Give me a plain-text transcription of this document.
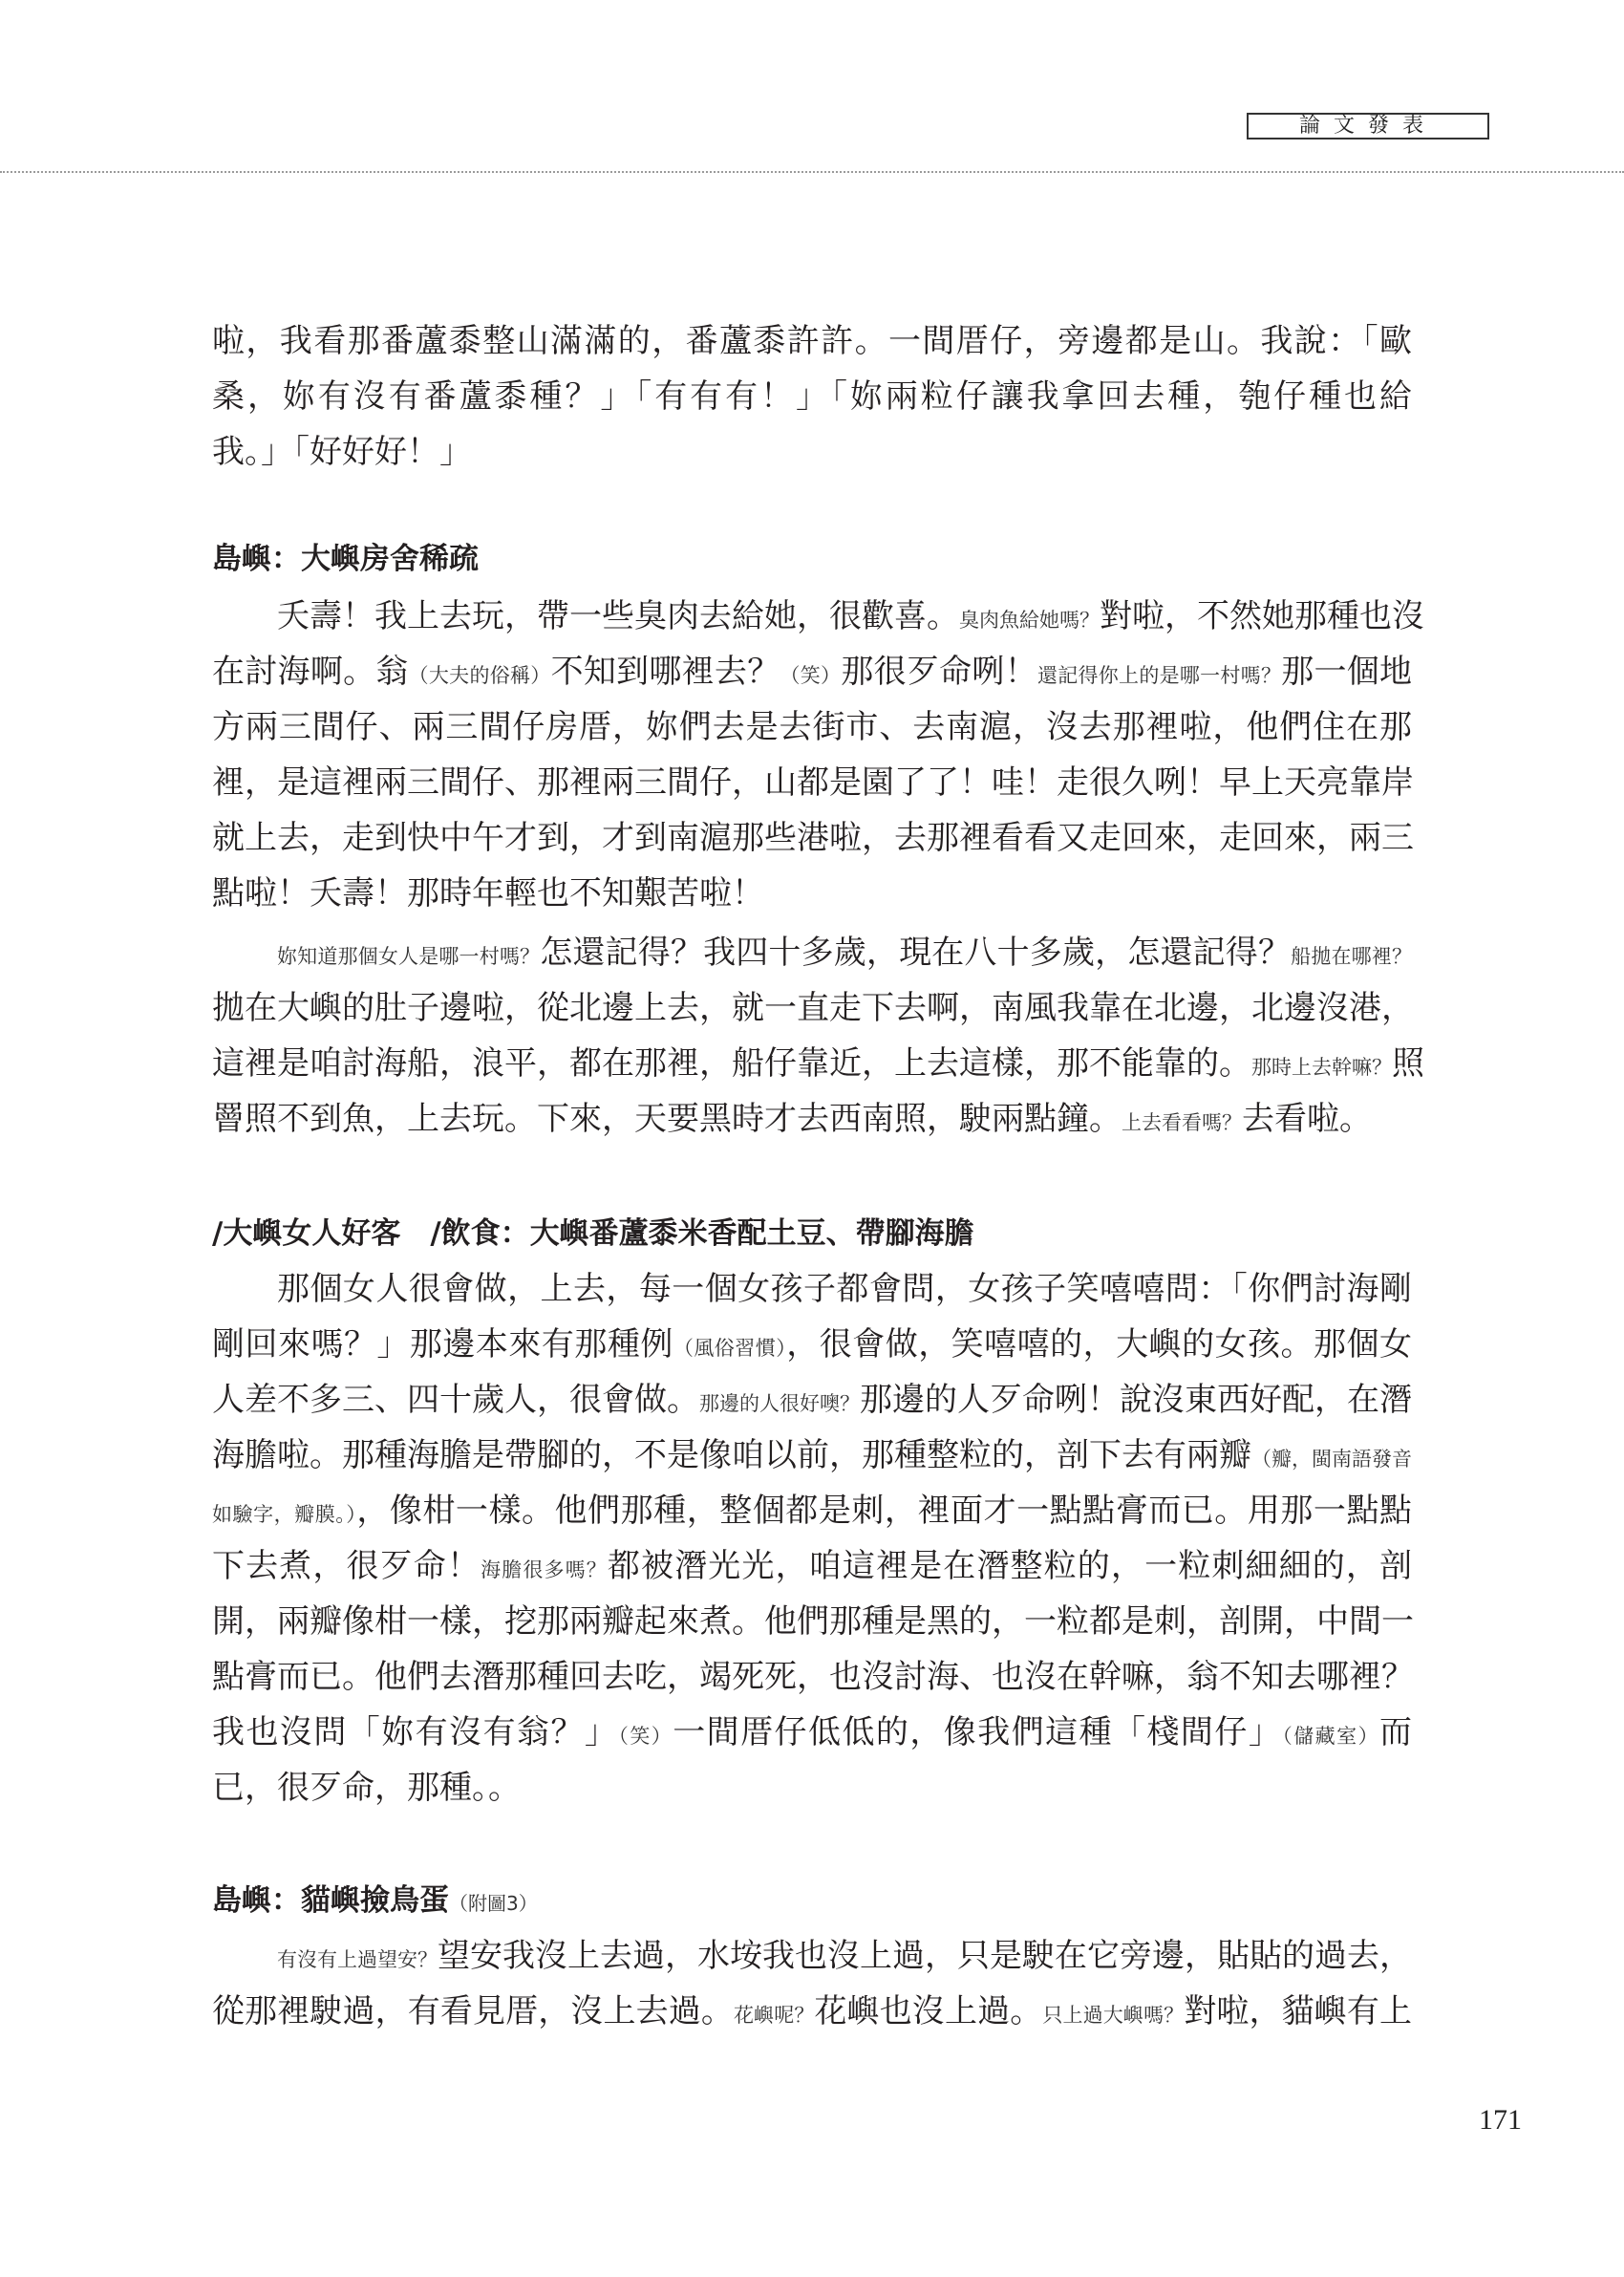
論文發表
啦，我看那番蘆黍整山滿滿的，番蘆黍許許。一間厝仔，旁邊都是山。我說：「歐
桑，妳有沒有番蘆黍種？」「有有有！」「妳兩粒仔讓我拿回去種，匏仔種也給
我。」「好好好！」
島嶼：大嶼房舍稀疏
夭壽！我上去玩，帶一些臭肉去給她，很歡喜。臭肉魚給她嗎？對啦，不然她那種也沒
在討海啊。翁（大夫的俗稱）不知到哪裡去？（笑）那很歹命咧！還記得你上的是哪一村嗎？那一個地
方兩三間仔、兩三間仔房厝，妳們去是去街市、去南滬，沒去那裡啦，他們住在那
裡，是這裡兩三間仔、那裡兩三間仔，山都是園了了！哇！走很久咧！早上天亮靠岸
就上去，走到快中午才到，才到南滬那些港啦，去那裡看看又走回來，走回來，兩三
點啦！夭壽！那時年輕也不知艱苦啦！
妳知道那個女人是哪一村嗎？怎還記得？我四十多歲，現在八十多歲，怎還記得？船拋在哪裡？
拋在大嶼的肚子邊啦，從北邊上去，就一直走下去啊，南風我靠在北邊，北邊沒港，
這裡是咱討海船，浪平，都在那裡，船仔靠近，上去這樣，那不能靠的。那時上去幹嘛？照
罾照不到魚，上去玩。下來，天要黑時才去西南照，駛兩點鐘。上去看看嗎？去看啦。
/大嶼女人好客　/飲食：大嶼番蘆黍米香配土豆、帶腳海膽
那個女人很會做，上去，每一個女孩子都會問，女孩子笑嘻嘻問：「你們討海剛
剛回來嗎？」那邊本來有那種例（風俗習慣），很會做，笑嘻嘻的，大嶼的女孩。那個女
人差不多三、四十歲人，很會做。那邊的人很好噢？那邊的人歹命咧！說沒東西好配，在潛
海膽啦。那種海膽是帶腳的，不是像咱以前，那種整粒的，剖下去有兩瓣（瓣，閩南語發音
如驗字，瓣膜。），像柑一樣。他們那種，整個都是刺，裡面才一點點膏而已。用那一點點
下去煮，很歹命！海膽很多嗎？都被潛光光，咱這裡是在潛整粒的，一粒刺細細的，剖
開，兩瓣像柑一樣，挖那兩瓣起來煮。他們那種是黑的，一粒都是刺，剖開，中間一
點膏而已。他們去潛那種回去吃，竭死死，也沒討海、也沒在幹嘛，翁不知去哪裡？
我也沒問「妳有沒有翁？」（笑）一間厝仔低低的，像我們這種「棧間仔」（儲藏室）而
已，很歹命，那種。。
島嶼：貓嶼撿鳥蛋（附圖3）
有沒有上過望安？望安我沒上去過，水垵我也沒上過，只是駛在它旁邊，貼貼的過去，
從那裡駛過，有看見厝，沒上去過。花嶼呢？花嶼也沒上過。只上過大嶼嗎？對啦，貓嶼有上
171
